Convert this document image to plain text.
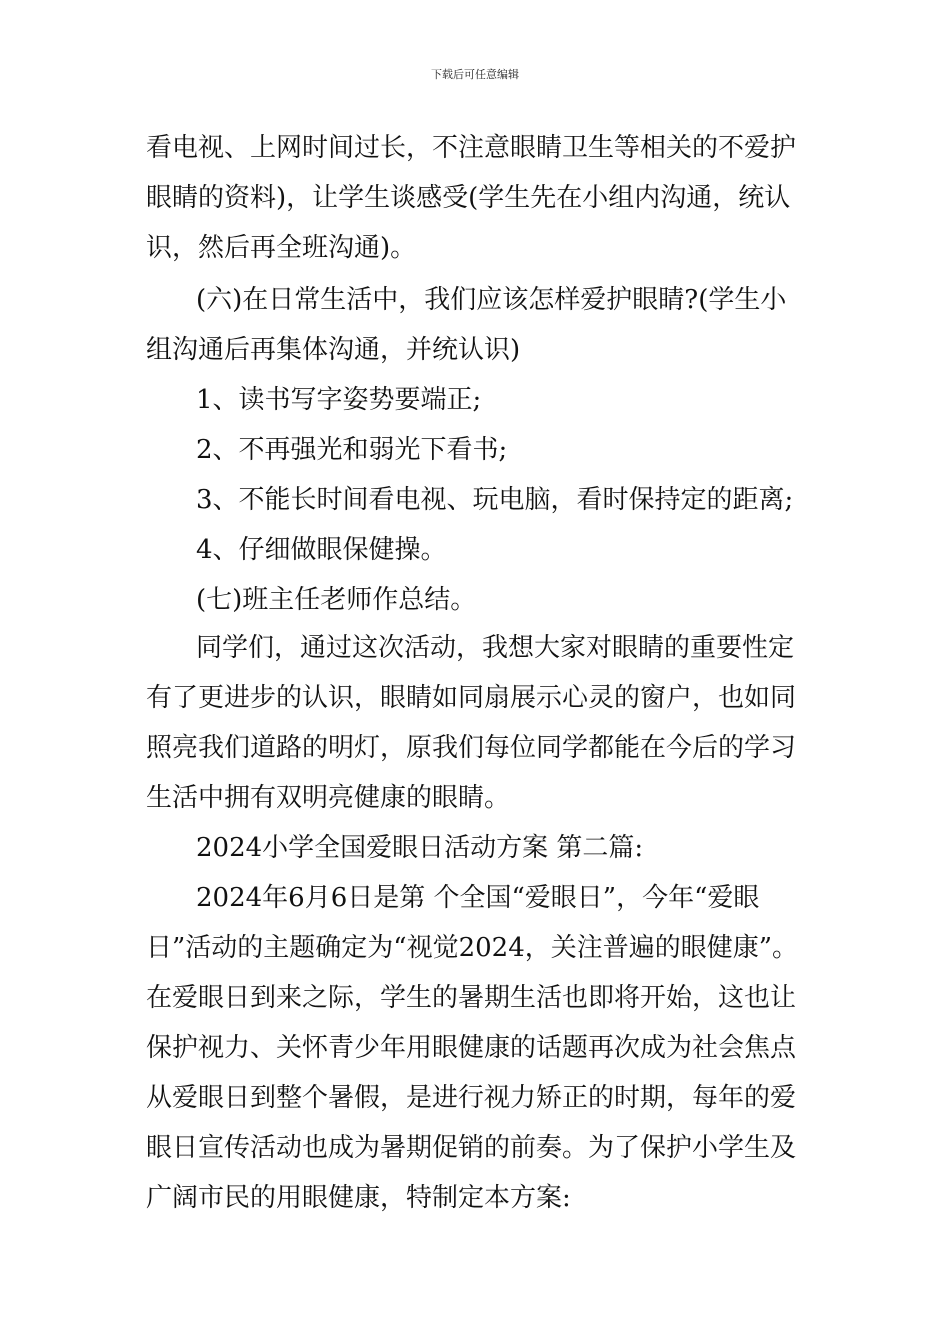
下载后可任意编辑
看电视、上网时间过长，不注意眼睛卫生等相关的不爱护
眼睛的资料)，让学生谈感受(学生先在小组内沟通，统认
识，然后再全班沟通)。
(六)在日常生活中，我们应该怎样爱护眼睛?(学生小
组沟通后再集体沟通，并统认识)
1、读书写字姿势要端正;
2、不再强光和弱光下看书;
3、不能长时间看电视、玩电脑，看时保持定的距离;
4、仔细做眼保健操。
(七)班主任老师作总结。
同学们，通过这次活动，我想大家对眼睛的重要性定
有了更进步的认识，眼睛如同扇展示心灵的窗户，也如同
照亮我们道路的明灯，原我们每位同学都能在今后的学习
生活中拥有双明亮健康的眼睛。
2024小学全国爱眼日活动方案 第二篇:
2024年6月6日是第 个全国“爱眼日”，今年“爱眼
日”活动的主题确定为“视觉2024，关注普遍的眼健康”。
在爱眼日到来之际，学生的暑期生活也即将开始，这也让
保护视力、关怀青少年用眼健康的话题再次成为社会焦点
从爱眼日到整个暑假，是进行视力矫正的时期，每年的爱
眼日宣传活动也成为暑期促销的前奏。为了保护小学生及
广阔市民的用眼健康，特制定本方案:
